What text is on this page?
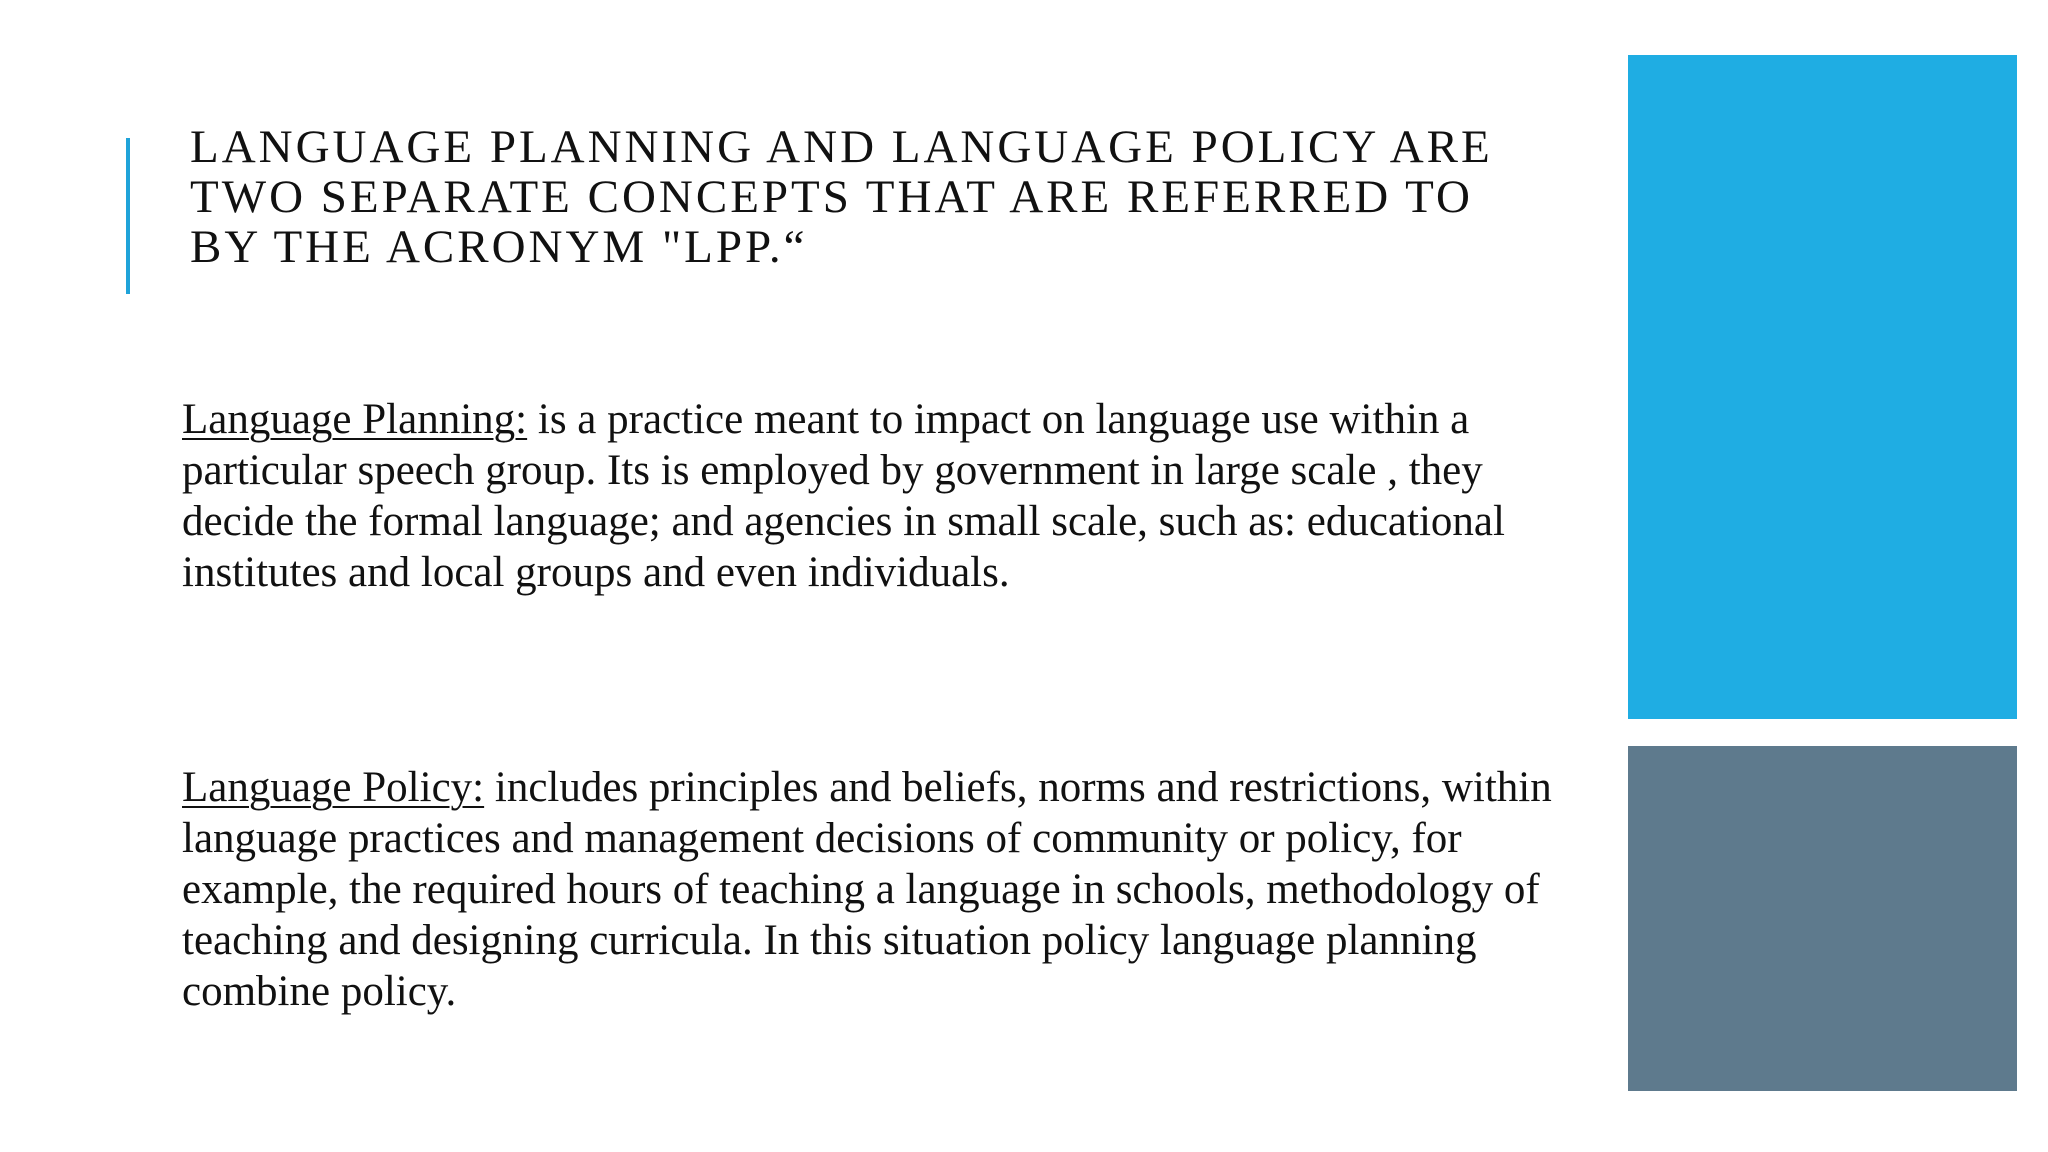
LANGUAGE PLANNING AND LANGUAGE POLICY ARE TWO SEPARATE CONCEPTS THAT ARE REFERRED TO BY THE ACRONYM "LPP.“

Language Planning: is a practice meant to impact on language use within a particular speech group. Its is employed by government in large scale , they decide the formal language; and agencies in small scale, such as: educational institutes and local groups and even individuals.

Language Policy: includes principles and beliefs, norms and restrictions, within language practices and management decisions of community or policy, for example, the required hours of teaching a language in schools, methodology of teaching and designing curricula. In this situation policy language planning combine policy.
